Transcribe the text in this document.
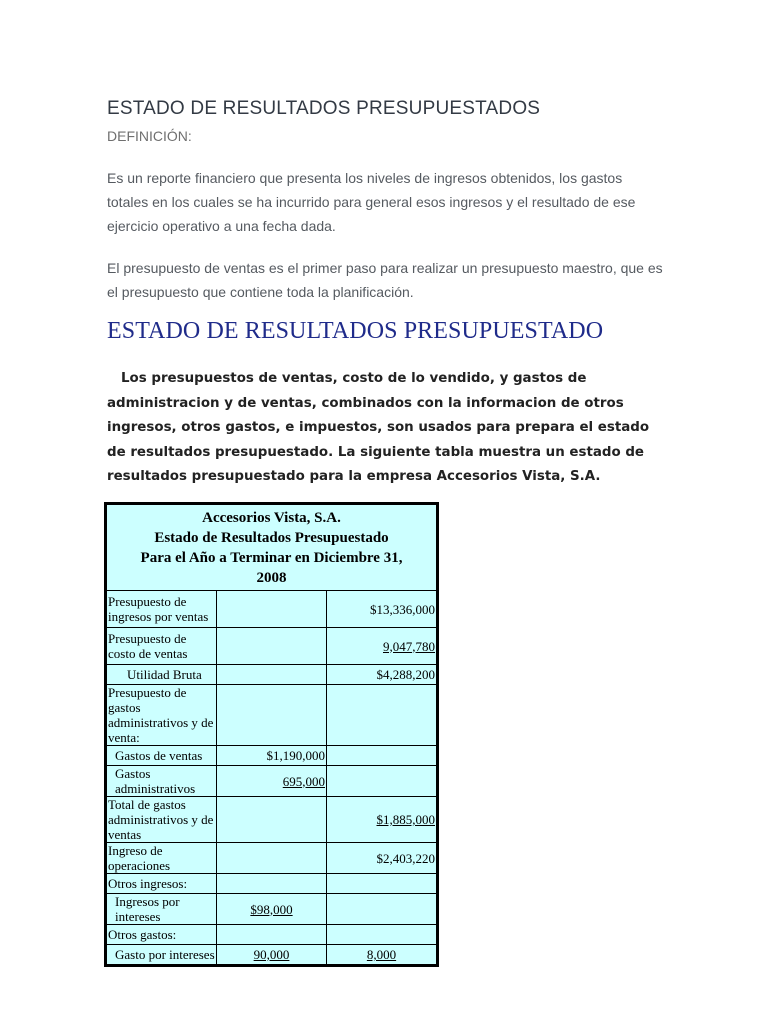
ESTADO DE RESULTADOS PRESUPUESTADOS
DEFINICIÓN:

Es un reporte financiero que presenta los niveles de ingresos obtenidos, los gastos totales en los cuales se ha incurrido para general esos ingresos y el resultado de ese ejercicio operativo a una fecha dada.

El presupuesto de ventas es el primer paso para realizar un presupuesto maestro, que es el presupuesto que contiene toda la planificación.

ESTADO DE RESULTADOS PRESUPUESTADO

Los presupuestos de ventas, costo de lo vendido, y gastos de administracion y de ventas, combinados con la informacion de otros ingresos, otros gastos, e impuestos, son usados para prepara el estado de resultados presupuestado. La siguiente tabla muestra un estado de resultados presupuestado para la empresa Accesorios Vista, S.A.

Accesorios Vista, S.A.
Estado de Resultados Presupuestado
Para el Año a Terminar en Diciembre 31,
2008		

Presupuesto de ingresos por ventas		$13,336,000
Presupuesto de costo de ventas		9,047,780
Utilidad Bruta		$4,288,200
Presupuesto de gastos administrativos y de venta:		
Gastos de ventas	$1,190,000	
Gastos administrativos	695,000	
Total de gastos administrativos y de ventas		$1,885,000
Ingreso de operaciones		$2,403,220
Otros ingresos:		
Ingresos por intereses	$98,000	
Otros gastos:		
Gasto por intereses	90,000	8,000
